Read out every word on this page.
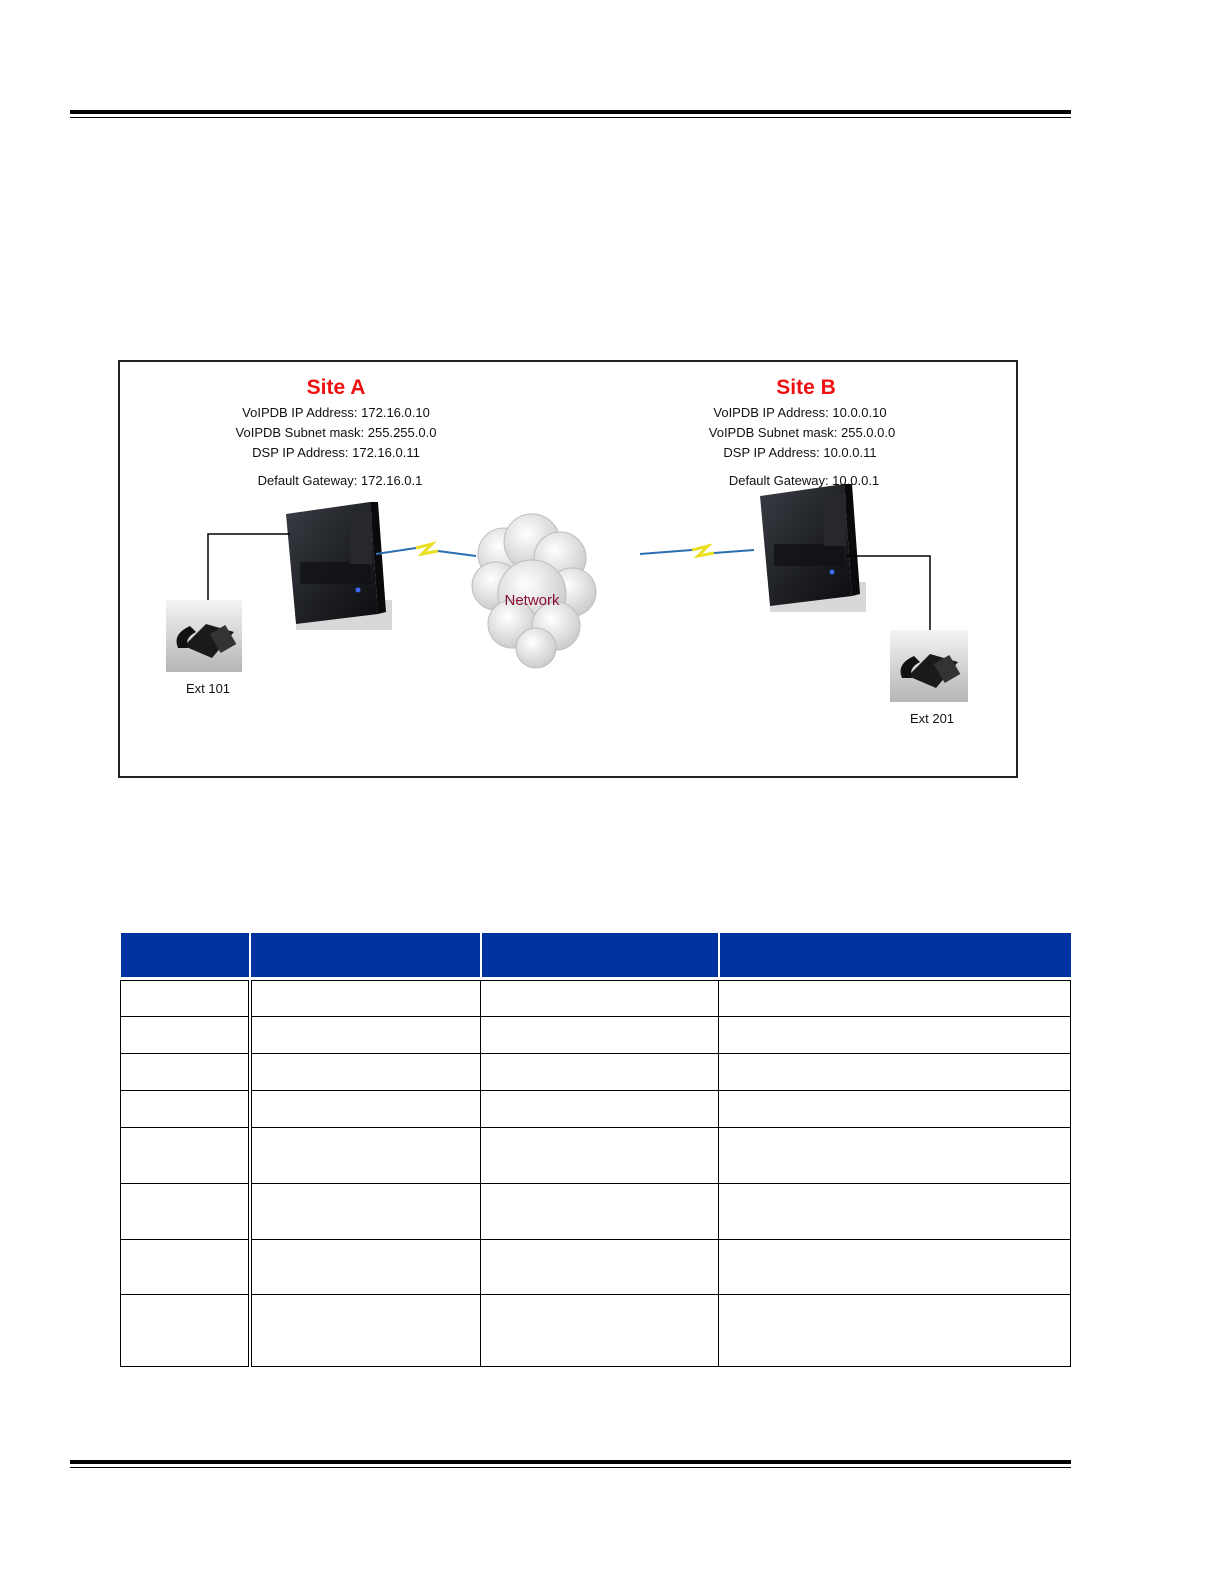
Site A
VoIPDB IP Address: 172.16.0.10
VoIPDB Subnet mask: 255.255.0.0
DSP IP Address: 172.16.0.11
Default Gateway: 172.16.0.1
Site B
VoIPDB IP Address: 10.0.0.10
VoIPDB Subnet mask: 255.0.0.0
DSP IP Address: 10.0.0.11
Default Gateway: 10.0.0.1
Network
Ext 101
Ext 201
